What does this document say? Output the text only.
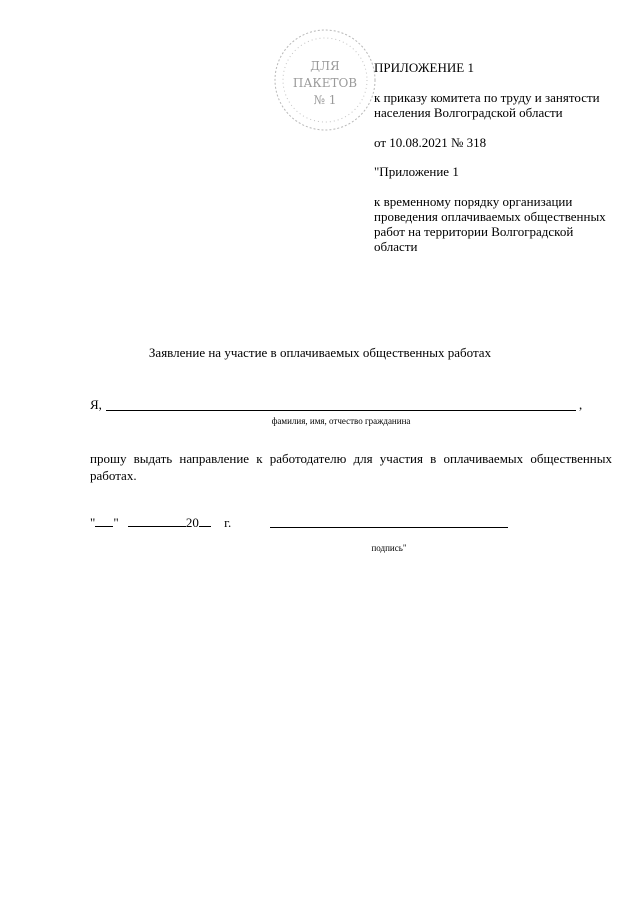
ДЛЯ
ПАКЕТОВ
№ 1

ПРИЛОЖЕНИЕ 1

к приказу комитета по труду и занятости населения Волгоградской области

от 10.08.2021 № 318

"Приложение 1

к временному порядку организации проведения оплачиваемых общественных работ на территории Волгоградской области

Заявление на участие в оплачиваемых общественных работах
Я,	,
фамилия, имя, отчество гражданина
прошу выдать направление к работодателю для участия в оплачиваемых общественных работах.
" "	20 г.
подпись"
